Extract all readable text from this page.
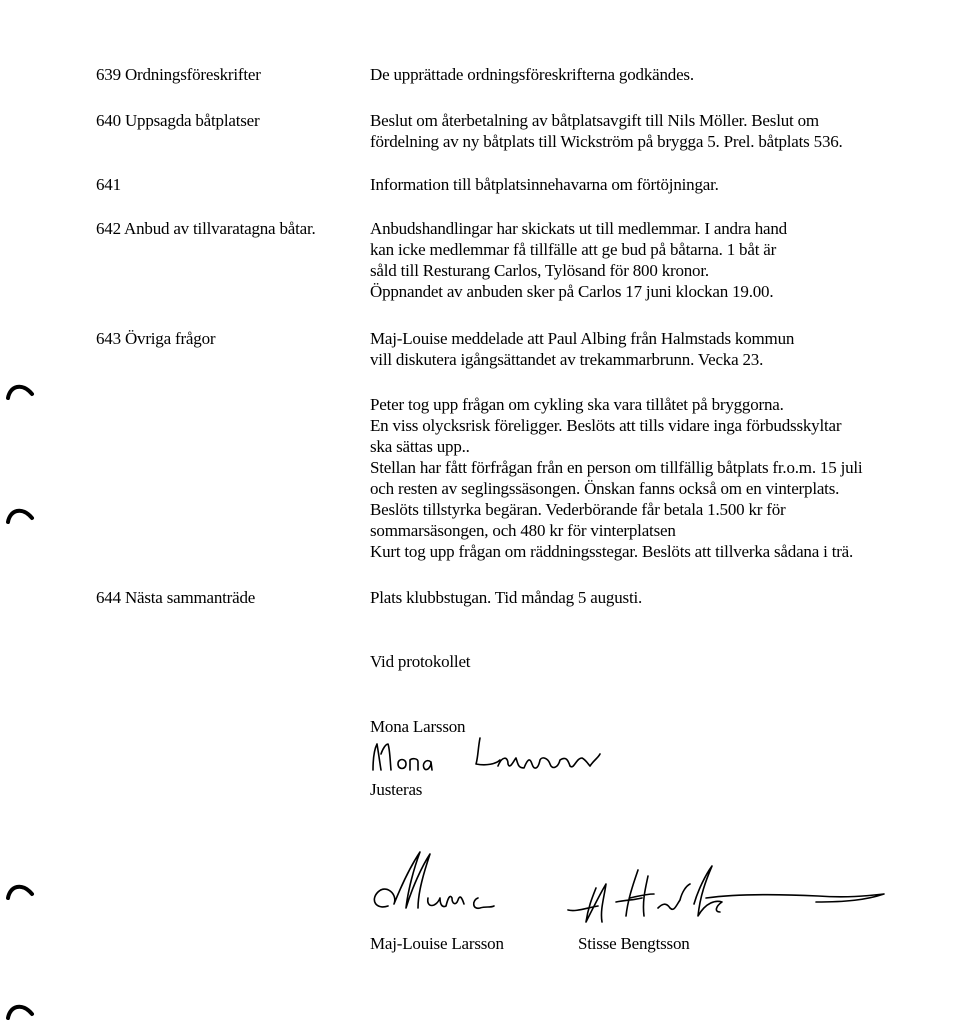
639 Ordningsföreskrifter	De upprättade ordningsföreskrifterna godkändes.
640 Uppsagda båtplatser	Beslut om återbetalning av båtplatsavgift till Nils Möller. Beslut om
fördelning av ny båtplats till Wickström på brygga 5. Prel. båtplats 536.
641	Information till båtplatsinnehavarna om förtöjningar.
642 Anbud av tillvaratagna båtar.	Anbudshandlingar har skickats ut till medlemmar. I andra hand
kan icke medlemmar få tillfälle att ge bud på båtarna. 1 båt är
såld till Resturang Carlos, Tylösand för 800 kronor.
Öppnandet av anbuden sker på Carlos 17 juni klockan 19.00.
643 Övriga frågor	Maj-Louise meddelade att Paul Albing från Halmstads kommun
vill diskutera igångsättandet av trekammarbrunn. Vecka 23.
Peter tog upp frågan om cykling ska vara tillåtet på bryggorna.
En viss olycksrisk föreligger. Beslöts att tills vidare inga förbudsskyltar
ska sättas upp..
Stellan har fått förfrågan från en person om tillfällig båtplats fr.o.m. 15 juli
och resten av seglingssäsongen. Önskan fanns också om en vinterplats.
Beslöts tillstyrka begäran. Vederbörande får betala 1.500 kr för
sommarsäsongen, och 480 kr för vinterplatsen
Kurt tog upp frågan om räddningsstegar. Beslöts att tillverka sådana i trä.
644 Nästa sammanträde	Plats klubbstugan. Tid måndag 5 augusti.
Vid protokollet
Mona Larsson
Justeras
Maj-Louise Larsson	Stisse Bengtsson
